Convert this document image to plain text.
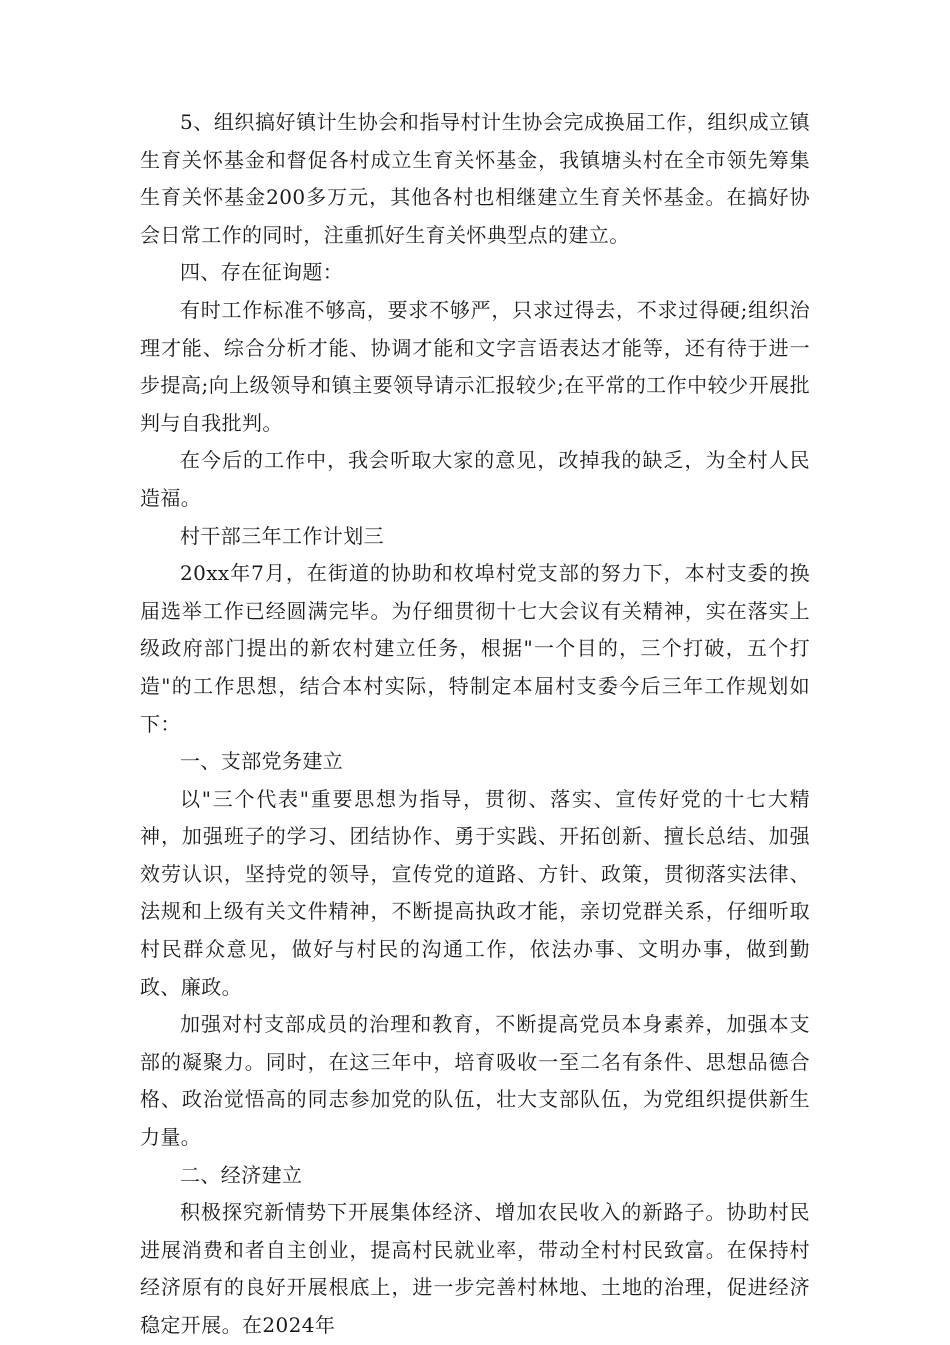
5、组织搞好镇计生协会和指导村计生协会完成换届工作，组织成立镇生育关怀基金和督促各村成立生育关怀基金，我镇塘头村在全市领先筹集生育关怀基金200多万元，其他各村也相继建立生育关怀基金。在搞好协会日常工作的同时，注重抓好生育关怀典型点的建立。

四、存在征询题：

有时工作标准不够高，要求不够严，只求过得去，不求过得硬;组织治理才能、综合分析才能、协调才能和文字言语表达才能等，还有待于进一步提高;向上级领导和镇主要领导请示汇报较少;在平常的工作中较少开展批判与自我批判。

在今后的工作中，我会听取大家的意见，改掉我的缺乏，为全村人民造福。

村干部三年工作计划三

20xx年7月，在街道的协助和枚埠村党支部的努力下，本村支委的换届选举工作已经圆满完毕。为仔细贯彻十七大会议有关精神，实在落实上级政府部门提出的新农村建立任务，根据"一个目的，三个打破，五个打造"的工作思想，结合本村实际，特制定本届村支委今后三年工作规划如下：

一、支部党务建立

以"三个代表"重要思想为指导，贯彻、落实、宣传好党的十七大精神，加强班子的学习、团结协作、勇于实践、开拓创新、擅长总结、加强效劳认识，坚持党的领导，宣传党的道路、方针、政策，贯彻落实法律、法规和上级有关文件精神，不断提高执政才能，亲切党群关系，仔细听取村民群众意见，做好与村民的沟通工作，依法办事、文明办事，做到勤政、廉政。

加强对村支部成员的治理和教育，不断提高党员本身素养，加强本支部的凝聚力。同时，在这三年中，培育吸收一至二名有条件、思想品德合格、政治觉悟高的同志参加党的队伍，壮大支部队伍，为党组织提供新生力量。

二、经济建立

积极探究新情势下开展集体经济、增加农民收入的新路子。协助村民进展消费和者自主创业，提高村民就业率，带动全村村民致富。在保持村经济原有的良好开展根底上，进一步完善村林地、土地的治理，促进经济稳定开展。在2024年
